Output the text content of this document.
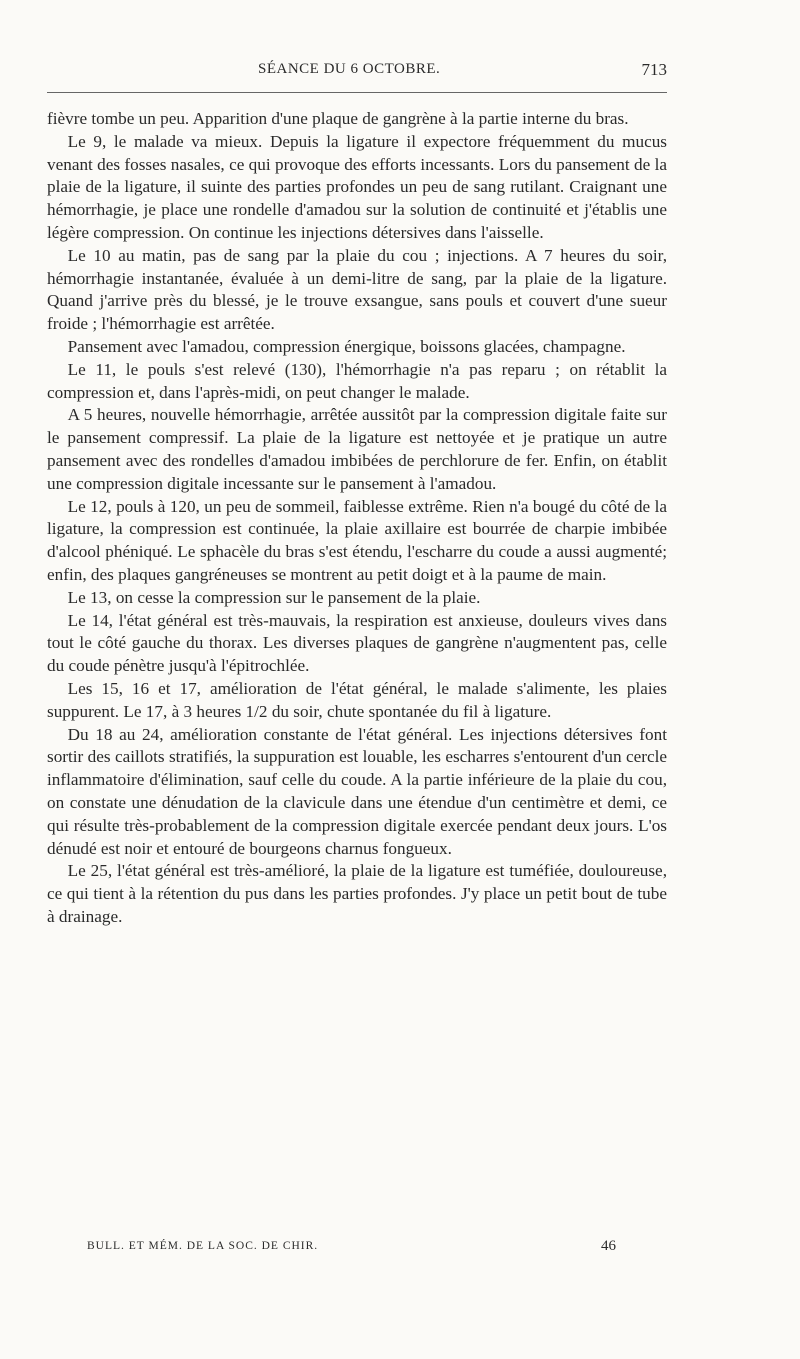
SÉANCE DU 6 OCTOBRE.	713

fièvre tombe un peu. Apparition d'une plaque de gangrène à la partie interne du bras.

Le 9, le malade va mieux. Depuis la ligature il expectore fréquemment du mucus venant des fosses nasales, ce qui provoque des efforts incessants. Lors du pansement de la plaie de la ligature, il suinte des parties profondes un peu de sang rutilant. Craignant une hémorrhagie, je place une rondelle d'amadou sur la solution de continuité et j'établis une légère compression. On continue les injections détersives dans l'aisselle.

Le 10 au matin, pas de sang par la plaie du cou ; injections. A 7 heures du soir, hémorrhagie instantanée, évaluée à un demi-litre de sang, par la plaie de la ligature. Quand j'arrive près du blessé, je le trouve exsangue, sans pouls et couvert d'une sueur froide ; l'hémorrhagie est arrêtée.

Pansement avec l'amadou, compression énergique, boissons glacées, champagne.

Le 11, le pouls s'est relevé (130), l'hémorrhagie n'a pas reparu ; on rétablit la compression et, dans l'après-midi, on peut changer le malade.

A 5 heures, nouvelle hémorrhagie, arrêtée aussitôt par la compression digitale faite sur le pansement compressif. La plaie de la ligature est nettoyée et je pratique un autre pansement avec des rondelles d'amadou imbibées de perchlorure de fer. Enfin, on établit une compression digitale incessante sur le pansement à l'amadou.

Le 12, pouls à 120, un peu de sommeil, faiblesse extrême. Rien n'a bougé du côté de la ligature, la compression est continuée, la plaie axillaire est bourrée de charpie imbibée d'alcool phéniqué. Le sphacèle du bras s'est étendu, l'escharre du coude a aussi augmenté; enfin, des plaques gangréneuses se montrent au petit doigt et à la paume de main.

Le 13, on cesse la compression sur le pansement de la plaie.

Le 14, l'état général est très-mauvais, la respiration est anxieuse, douleurs vives dans tout le côté gauche du thorax. Les diverses plaques de gangrène n'augmentent pas, celle du coude pénètre jusqu'à l'épitrochlée.

Les 15, 16 et 17, amélioration de l'état général, le malade s'alimente, les plaies suppurent. Le 17, à 3 heures 1/2 du soir, chute spontanée du fil à ligature.

Du 18 au 24, amélioration constante de l'état général. Les injections détersives font sortir des caillots stratifiés, la suppuration est louable, les escharres s'entourent d'un cercle inflammatoire d'élimination, sauf celle du coude. A la partie inférieure de la plaie du cou, on constate une dénudation de la clavicule dans une étendue d'un centimètre et demi, ce qui résulte très-probablement de la compression digitale exercée pendant deux jours. L'os dénudé est noir et entouré de bourgeons charnus fongueux.

Le 25, l'état général est très-amélioré, la plaie de la ligature est tuméfiée, douloureuse, ce qui tient à la rétention du pus dans les parties profondes. J'y place un petit bout de tube à drainage.

BULL. ET MÉM. DE LA SOC. DE CHIR.	46
